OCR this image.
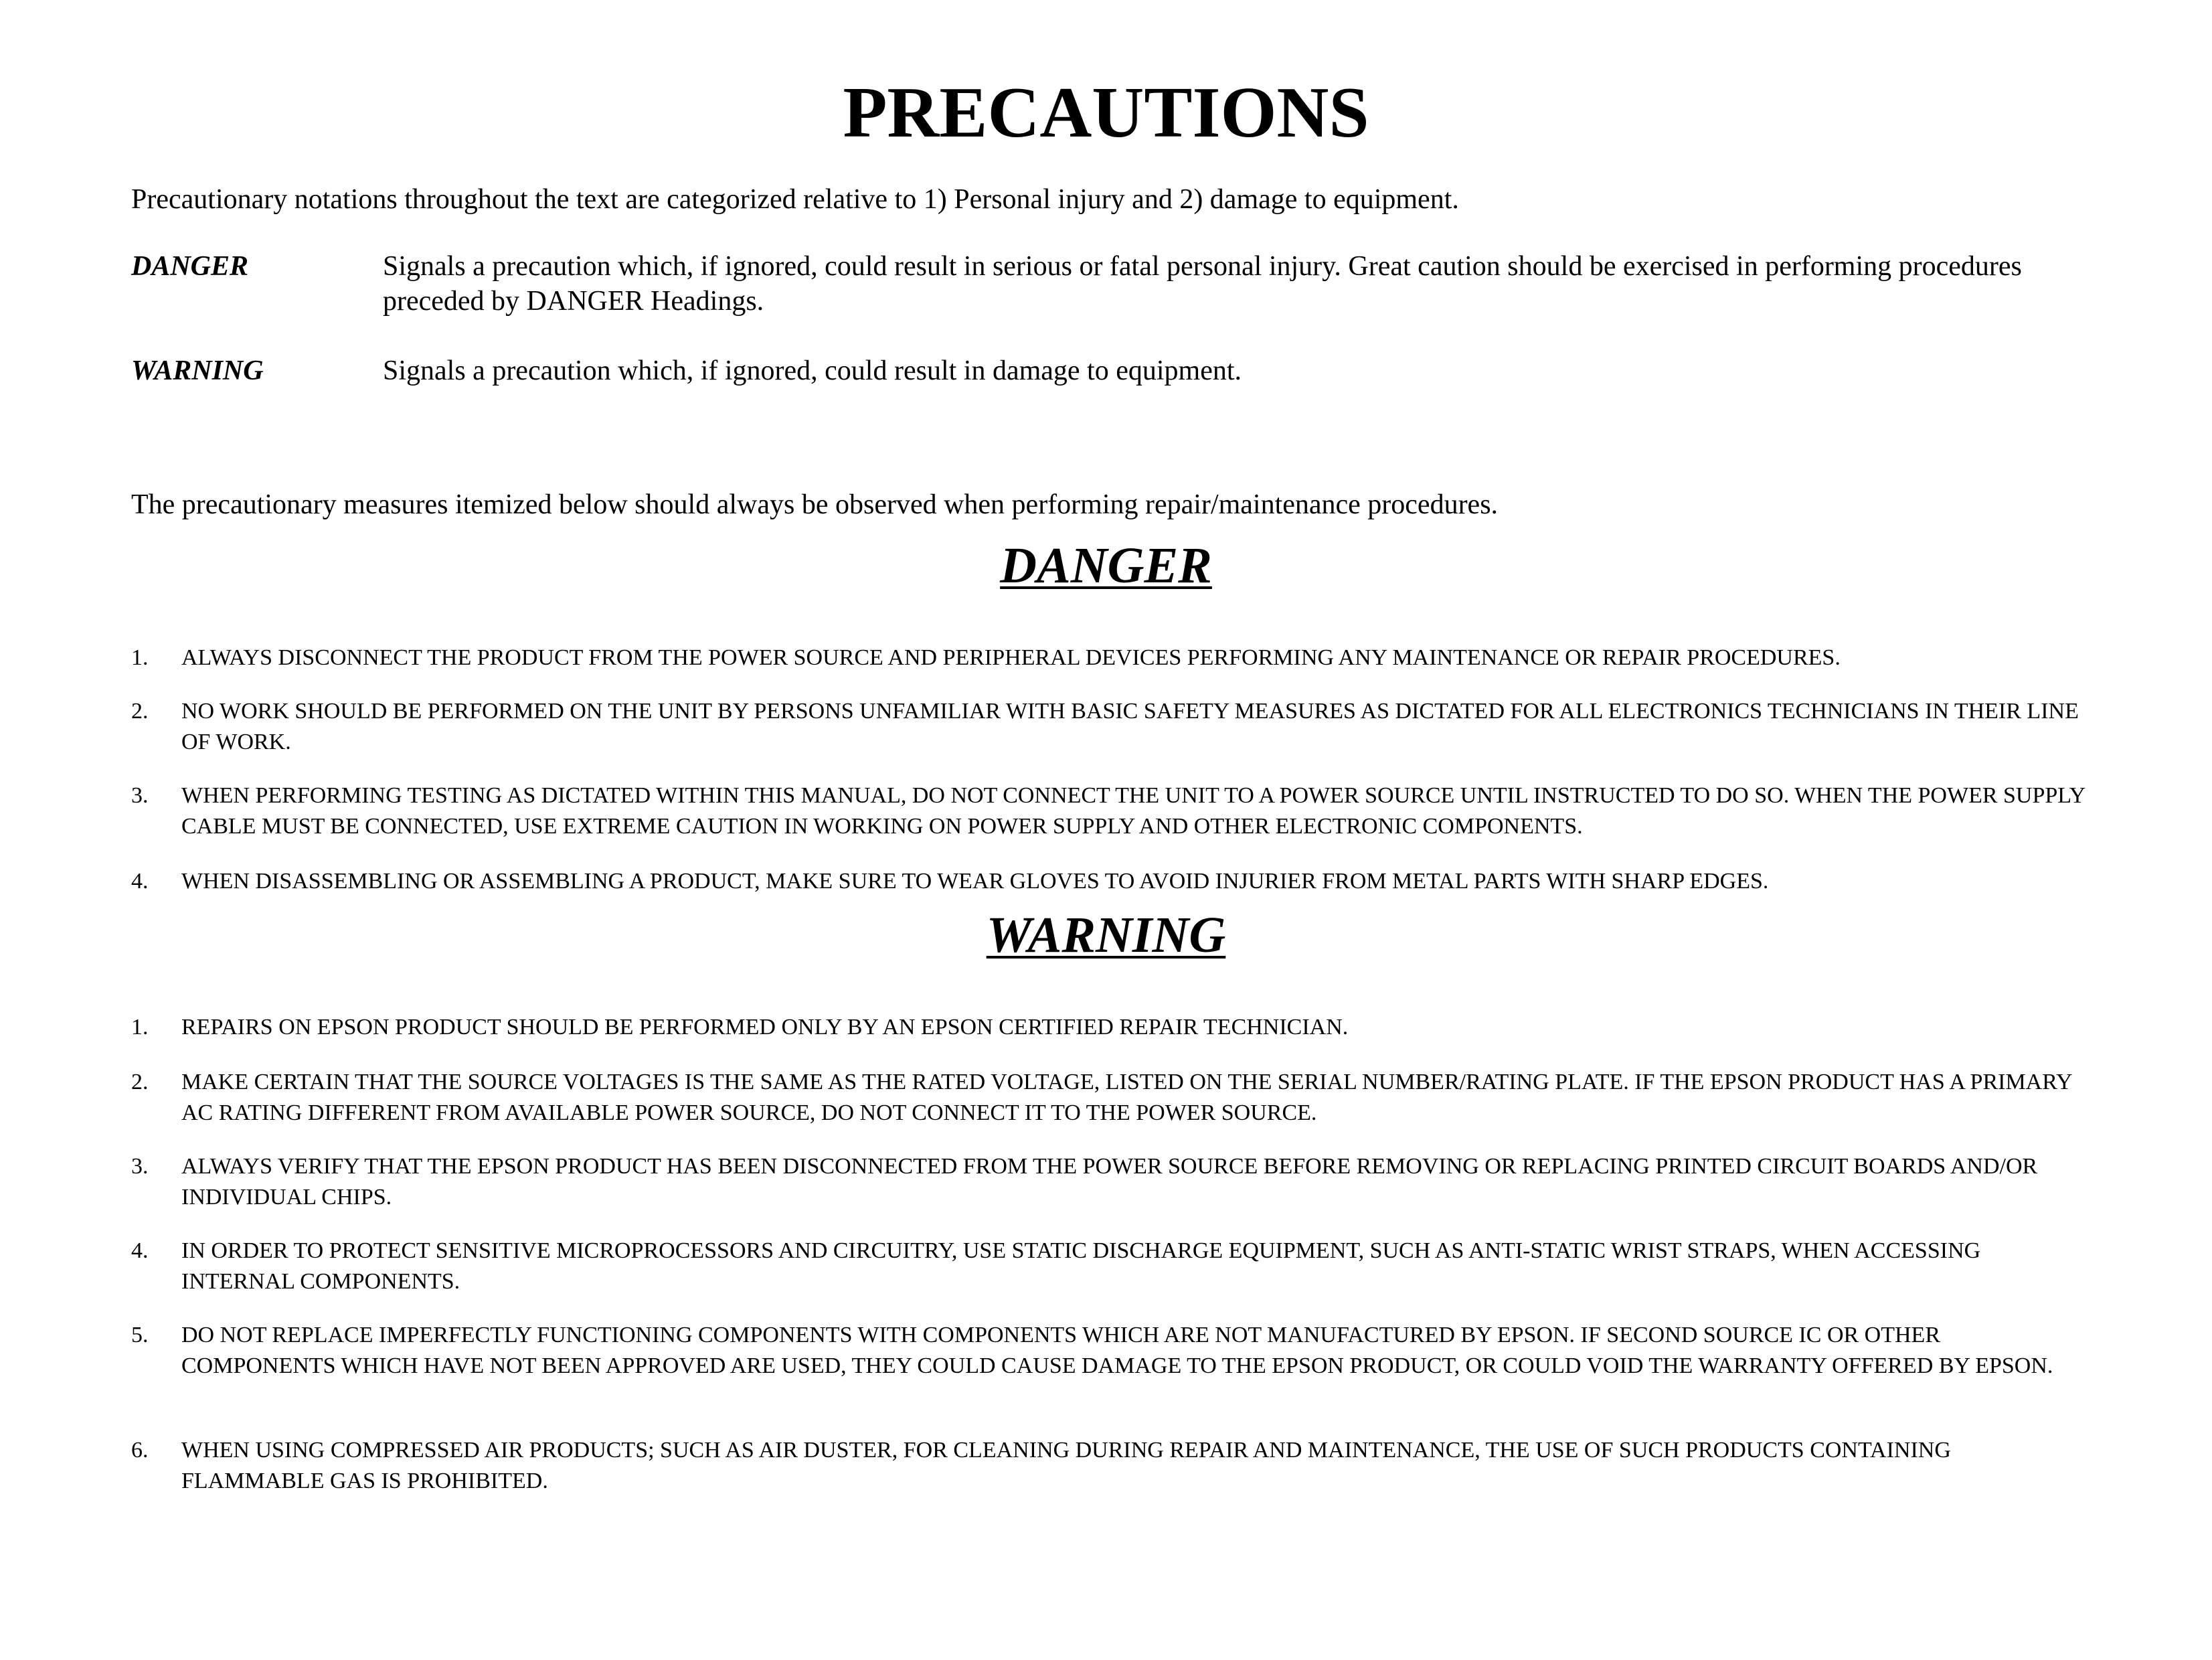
PRECAUTIONS
Precautionary notations throughout the text are categorized relative to 1) Personal injury and 2) damage to equipment.
DANGER	Signals a precaution which, if ignored, could result in serious or fatal personal injury. Great caution should be exercised in performing procedures preceded by DANGER Headings.
WARNING	Signals a precaution which, if ignored, could result in damage to equipment.
The precautionary measures itemized below should always be observed when performing repair/maintenance procedures.
DANGER
1.	ALWAYS DISCONNECT THE PRODUCT FROM THE POWER SOURCE AND PERIPHERAL DEVICES PERFORMING ANY MAINTENANCE OR REPAIR PROCEDURES.
2.	NO WORK SHOULD BE PERFORMED ON THE UNIT BY PERSONS UNFAMILIAR WITH BASIC SAFETY MEASURES AS DICTATED FOR ALL ELECTRONICS TECHNICIANS IN THEIR LINE OF WORK.
3.	WHEN PERFORMING TESTING AS DICTATED WITHIN THIS MANUAL, DO NOT CONNECT THE UNIT TO A POWER SOURCE UNTIL INSTRUCTED TO DO SO. WHEN THE POWER SUPPLY CABLE MUST BE CONNECTED, USE EXTREME CAUTION IN WORKING ON POWER SUPPLY AND OTHER ELECTRONIC COMPONENTS.
4.	WHEN DISASSEMBLING OR ASSEMBLING A PRODUCT, MAKE SURE TO WEAR GLOVES TO AVOID INJURIER FROM METAL PARTS WITH SHARP EDGES.
WARNING
1.	REPAIRS ON EPSON PRODUCT SHOULD BE PERFORMED ONLY BY AN EPSON CERTIFIED REPAIR TECHNICIAN.
2.	MAKE CERTAIN THAT THE SOURCE VOLTAGES IS THE SAME AS THE RATED VOLTAGE, LISTED ON THE SERIAL NUMBER/RATING PLATE. IF THE EPSON PRODUCT HAS A PRIMARY AC RATING DIFFERENT FROM AVAILABLE POWER SOURCE, DO NOT CONNECT IT TO THE POWER SOURCE.
3.	ALWAYS VERIFY THAT THE EPSON PRODUCT HAS BEEN DISCONNECTED FROM THE POWER SOURCE BEFORE REMOVING OR REPLACING PRINTED CIRCUIT BOARDS AND/OR INDIVIDUAL CHIPS.
4.	IN ORDER TO PROTECT SENSITIVE MICROPROCESSORS AND CIRCUITRY, USE STATIC DISCHARGE EQUIPMENT, SUCH AS ANTI-STATIC WRIST STRAPS, WHEN ACCESSING INTERNAL COMPONENTS.
5.	DO NOT REPLACE IMPERFECTLY FUNCTIONING COMPONENTS WITH COMPONENTS WHICH ARE NOT MANUFACTURED BY EPSON. IF SECOND SOURCE IC OR OTHER COMPONENTS WHICH HAVE NOT BEEN APPROVED ARE USED, THEY COULD CAUSE DAMAGE TO THE EPSON PRODUCT, OR COULD VOID THE WARRANTY OFFERED BY EPSON.
6.	WHEN USING COMPRESSED AIR PRODUCTS; SUCH AS AIR DUSTER, FOR CLEANING DURING REPAIR AND MAINTENANCE, THE USE OF SUCH PRODUCTS CONTAINING FLAMMABLE GAS IS PROHIBITED.
